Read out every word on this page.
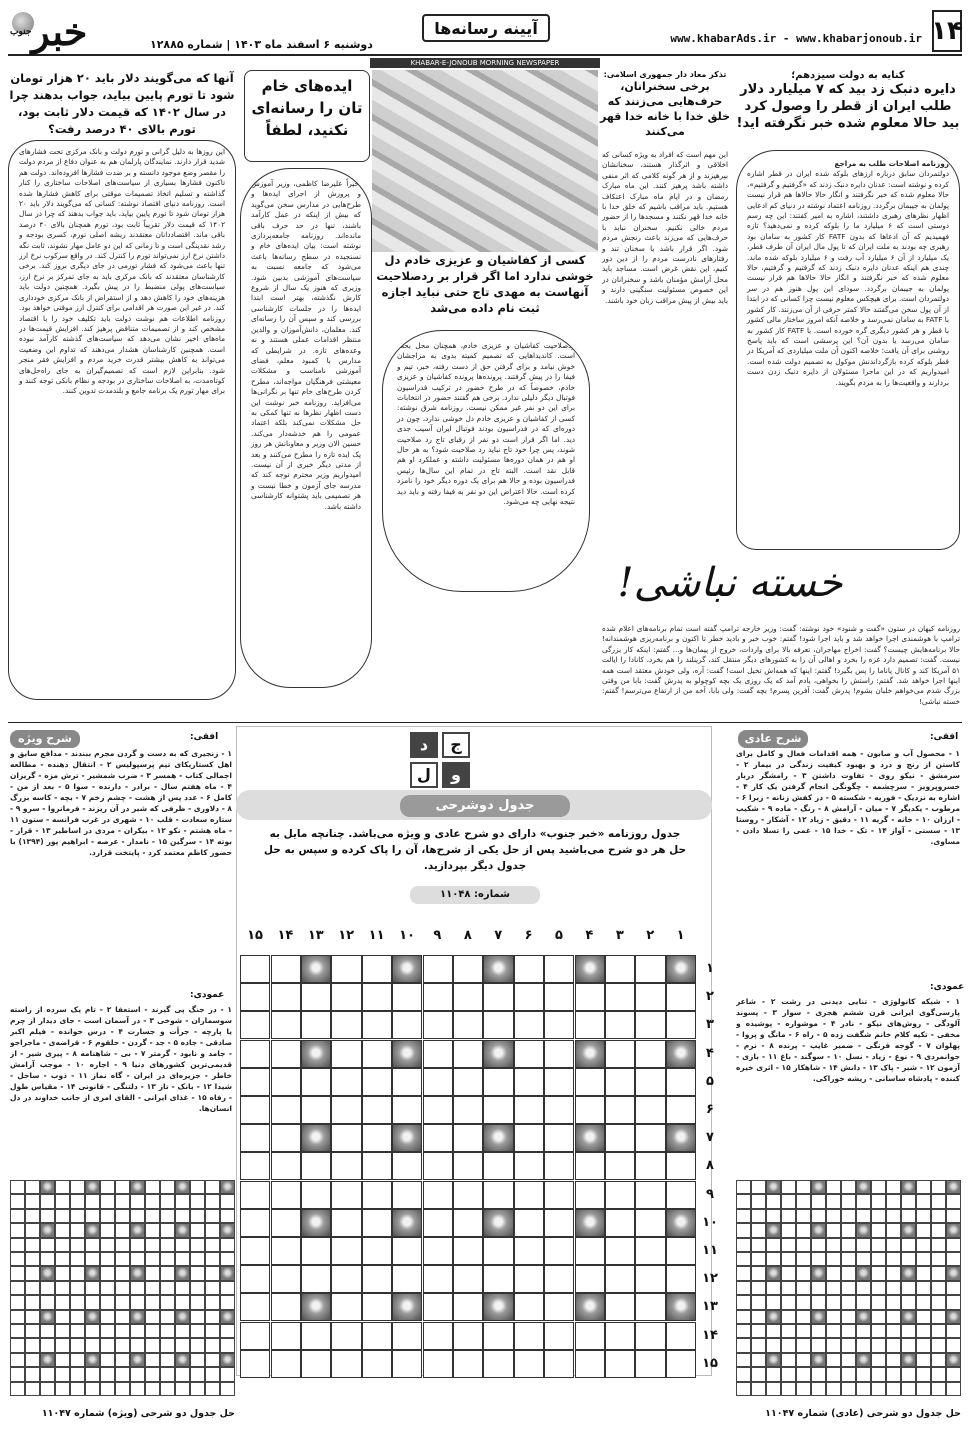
۱۴
www.khabarAds.ir - www.khabarjonoub.ir
آیینه رسانه‌ها
دوشنبه ۶ اسفند ماه ۱۴۰۳ | شماره ۱۲۸۸۵
KHABAR-E-JONOUB MORNING NEWSPAPER
خبر$^{جنوب}$
کنایه به دولت سیزدهم؛
دایره دنبک زد بید که ۷ میلیارد دلار طلب ایران از قطر را وصول کرد بید حالا معلوم شده خبر نگرفته اید!
روزنامه اصلاحات طلب به مراجع
دولتمردان سابق درباره ارزهای بلوکه شده ایران در قطر اشاره کرده و نوشته است: عدنان دایره دنبک زدند که «گرفتیم و گرفتیم»، حالا معلوم شده که خبر نگرفتند و انگار حالا حالاها هم قرار نیست پولمان به جیبمان برگردد. روزنامه اعتماد نوشته در دنیای کم ادعایی اظهار نظرهای رهبری داشتند، اشاره به امیر کفتند: این چه رسم دوستی است که ۶ میلیارد ما را بلوکه کرده و نمی‌دهید؟ تازه فهمیدیم که آن ادعاها که بدون FATF کار کشور به سامان بود رهبری چه بودند به ملت ایران که تا پول مال ایران آن طرف قطر، یک میلیارد از آن ۶ میلیارد آب رفت و ۶ میلیارد بلوکه شده ماند. چندی هم اینکه عدنان دایره دنبک زدند که گرفتیم و گرفتیم، حالا معلوم شده که خبر نگرفتند و انگار حالا حالاها هم قرار نیست پولمان به جیبمان برگردد. سودای این پول هنوز هم در سر دولتمردان است. برای هیچکس معلوم نیست چرا کسانی که در ابتدا از آن پول سخن می‌گفتند حالا کمتر حرفی از آن می‌زنند. کار کشور با FATF به سامان نمی‌رسد و خلاصه آنکه امروز ساختار مالی کشور با قطر و هر کشور دیگری گره خورده است. با FATF کار کشور به سامان می‌رسد یا بدون آن؟ این پرسشی است که باید پاسخ روشنی برای آن یافت؛ خلاصه اکنون آن ملت میلیاردی که آمریکا در قطر بلوکه کرده بازگرداندنش موکول به تصمیم دولت شده است. امیدواریم که در این ماجرا مسئولان از دایره دنبک زدن دست بردارند و واقعیت‌ها را به مردم بگویند.
تذکر معاد دار جمهوری اسلامی:
برخی سخنرانان، حرف‌هایی می‌زنند که خلق خدا با خانه خدا قهر می‌کنند
این مهم است که افراد به ویژه کسانی که اخلاقی و اثرگذار هستند، سخنانشان بپرهیزند و از هر گونه کلامی که اثر منفی داشته باشد پرهیز کنند. این ماه مبارک رمضان و در ایام ماه مبارک اعتکاف هستیم. باید مراقب باشیم که خلق خدا با خانه خدا قهر نکنند و مسجدها را از حضور مردم خالی نکنیم. سخنران نباید با حرف‌هایی که می‌زند باعث رنجش مردم شود. اگر قرار باشد با سخنان تند و رفتارهای نادرست مردم را از دین دور کنیم، این نقض غرض است. مساجد باید محل آرامش مؤمنان باشد و سخنرانان در این خصوص مسئولیت سنگینی دارند و باید بیش از پیش مراقب زبان خود باشند.
کسی از کفاشیان و عزیزی خادم دل خوشی ندارد اما اگر قرار بر ردصلاحیت آنهاست به مهدی تاج حتی نباید اجازه ثبت نام داده می‌شد
ردصلاحیت کفاشیان و عزیزی خادم، همچنان محل بحث است. کاندیداهایی که تصمیم کمیته بدوی به مزاجشان خوش نیامد و برای گرفتن حق از دست رفته، خبر، تیم و فیفا را در پیش گرفتند. پرونده‌ها پرونده کفاشیان و عزیزی خادم، خصوصاً که در طرح حضور در ترکیب فدراسیون فوتبال دیگر دلیلی ندارد. برخی هم گفتند حضور در انتخابات برای این دو نفر غیر ممکن نیست. روزنامه شرق نوشته: کسی از کفاشیان و عزیزی خادم دل خوشی ندارد، چون در دوره‌ای که در فدراسیون بودند فوتبال ایران آسیب جدی دید. اما اگر قرار است دو نفر از رقبای تاج رد صلاحیت شوند، پس چرا خود تاج نباید رد صلاحیت شود؟ به هر حال او هم در همان دوره‌ها مسئولیت داشته و عملکرد او هم قابل نقد است. البته تاج در تمام این سال‌ها رئیس فدراسیون بوده و حالا هم برای یک دوره دیگر خود را نامزد کرده است. حالا اعتراض این دو نفر به فیفا رفته و باید دید نتیجه نهایی چه می‌شود.
ایده‌های خام تان را رسانه‌ای نکنید، لطفاً
اخیراً علیرضا کاظمی، وزیر آموزش و پرورش از اجرای ایده‌ها و طرح‌هایی در مدارس سخن می‌گوید که بیش از اینکه در عمل کارآمد باشند، تنها در حد حرف باقی مانده‌اند. روزنامه جامعه‌پردازی نوشته است: بیان ایده‌های خام و نسنجیده در سطح رسانه‌ها باعث می‌شود که جامعه نسبت به سیاست‌های آموزشی بدبین شود. وزیری که هنوز یک سال از شروع کارش نگذشته، بهتر است ابتدا ایده‌ها را در جلسات کارشناسی بررسی کند و سپس آن را رسانه‌ای کند. معلمان، دانش‌آموزان و والدین منتظر اقدامات عملی هستند و نه وعده‌های تازه. در شرایطی که مدارس با کمبود معلم، فضای آموزشی نامناسب و مشکلات معیشتی فرهنگیان مواجه‌اند، مطرح کردن طرح‌های خام تنها بر نگرانی‌ها می‌افزاید. روزنامه خبر نوشت این دست اظهار نظرها نه تنها کمکی به حل مشکلات نمی‌کند بلکه اعتماد عمومی را هم خدشه‌دار می‌کند. حسین الان وزیر و معاونانش هر روز یک ایده تازه را مطرح می‌کنند و بعد از مدتی دیگر خبری از آن نیست. امیدواریم وزیر محترم توجه کند که مدرسه جای آزمون و خطا نیست و هر تصمیمی باید پشتوانه کارشناسی داشته باشد.
آنها که می‌گویند دلار باید ۲۰ هزار تومان شود تا تورم پایین بیاید، جواب بدهند چرا در سال ۱۴۰۲ که قیمت دلار ثابت بود، تورم بالای ۴۰ درصد رفت؟
این روزها به دلیل گرانی و تورم دولت و بانک مرکزی تحت فشارهای شدید قرار دارند. نمایندگان پارلمان هم به عنوان دفاع از مردم دولت را مقصر وضع موجود دانسته و بر ضدت فشارها افزوده‌اند. دولت هم تاکنون فشارها بسیاری از سیاست‌های اصلاحات ساختاری را کنار گذاشته و تسلیم اتخاذ تصمیمات موقتی برای کاهش فشارها شده است. روزنامه دنیای اقتصاد نوشته: کسانی که می‌گویند دلار باید ۲۰ هزار تومان شود تا تورم پایین بیاید، باید جواب بدهند که چرا در سال ۱۴۰۲ که قیمت دلار تقریباً ثابت بود، تورم همچنان بالای ۴۰ درصد باقی ماند. اقتصاددانان معتقدند ریشه اصلی تورم، کسری بودجه و رشد نقدینگی است و تا زمانی که این دو عامل مهار نشوند، ثابت نگه داشتن نرخ ارز نمی‌تواند تورم را کنترل کند. در واقع سرکوب نرخ ارز تنها باعث می‌شود که فشار تورمی در جای دیگری بروز کند. برخی کارشناسان معتقدند که بانک مرکزی باید به جای تمرکز بر نرخ ارز، سیاست‌های پولی منضبط را در پیش بگیرد. همچنین دولت باید هزینه‌های خود را کاهش دهد و از استقراض از بانک مرکزی خودداری کند. در غیر این صورت هر اقدامی برای کنترل ارز موقتی خواهد بود. روزنامه اطلاعات هم نوشت دولت باید تکلیف خود را با اقتصاد مشخص کند و از تصمیمات متناقض پرهیز کند. افزایش قیمت‌ها در ماه‌های اخیر نشان می‌دهد که سیاست‌های گذشته کارآمد نبوده است. همچنین کارشناسان هشدار می‌دهند که تداوم این وضعیت می‌تواند به کاهش بیشتر قدرت خرید مردم و افزایش فقر منجر شود. بنابراین لازم است که تصمیم‌گیران به جای راه‌حل‌های کوتاه‌مدت، به اصلاحات ساختاری در بودجه و نظام بانکی توجه کنند و برای مهار تورم یک برنامه جامع و بلندمدت تدوین کنند.
خسته نباشی!
روزنامه کیهان در ستون «گفت و شنود» خود نوشته: گفت: وزیر خارجه ترامپ گفته است تمام برنامه‌های اعلام شده ترامپ با هوشمندی اجرا خواهد شد و باید اجرا شود! گفتم: خوب خبر و بادید خطر تا اکنون و برنامه‌ریزی هوشمندانه! حالا برنامه‌هایش چیست؟ گفت: اخراج مهاجران، تعرفه بالا برای واردات، خروج از پیمان‌ها و... گفتم: اینکه کار بزرگی نیست. گفت: تصمیم دارد غزه را بخرد و اهالی آن را به کشورهای دیگر منتقل کند، گرینلند را هم بخرد، کانادا را ایالت ۵۱ آمریکا کند و کانال پاناما را پس بگیرد! گفتم: اینها که همه‌اش تخیل است! گفت: آره، ولی خودش معتقد است همه اینها اجرا خواهد شد. گفتم: راستش را بخواهی، یادم آمد که یک روزی یک بچه کوچولو به پدرش گفت: بابا من وقتی بزرگ شدم می‌خواهم خلبان بشوم! پدرش گفت: آفرین پسرم! بچه گفت: ولی بابا، آخه من از ارتفاع می‌ترسم! گفتم: خسته نباشی!
د	ج
ل	و
جدول دوشرحی
جدول روزنامه «خبر جنوب» دارای دو شرح عادی و ویژه می‌باشد. چنانچه مایل به حل هر دو شرح می‌باشید پس از حل یکی از شرح‌ها، آن را پاک کرده و سپس به حل جدول دیگر بپردازید.
شماره: ۱۱۰۴۸
۱
۲
۳
۴
۵
۶
۷
۸
۹
۱۰
۱۱
۱۲
۱۳
۱۴
۱۵
۱
۲
۳
۴
۵
۶
۷
۸
۹
۱۰
۱۱
۱۲
۱۳
۱۴
۱۵
شرح ویژه	افقی:
۱ - زنجیری که به دست و گردن مجرم ببندند - مدافع سابق و اهل کستاریکای تیم پرسپولیس ۲ - انتقال دهنده - مطالعه اجمالی کتاب - همسر ۳ - ضرب شمشیر - ترش مزه - گریزان ۴ - ماه هفتم سال - برادر - دارنده - سوا ۵ - بعد از من - کامل ۶ - عدد پس از هشت - چشم زخم ۷ - بچه - کاسه بزرگ ۸ - دلاوری - ظرفی که شیر در آن ریزند - فرمانروا - سرو ۹ - ستاره سعادت - قلب ۱۰ - شهری در غرب فرانسه - ستون ۱۱ - ماه هشتم - نکو ۱۲ - بیکران - مردی در اساطیر ۱۳ - قرار - بوته ۱۴ - سرگین ۱۵ - نامدار - عرصه - ابراهیم پور (۱۳۹۴) با حضور کاظم معتمد کرد - پایتخت قرارد.
عمودی:
۱ - در جنگ پی گیرند - استعفا ۲ - تام یک سرده از راسته سوسماران - شوخی ۳ - در آسمان است - جای دیدار از چرم یا پارچه - جرأت و جسارت ۴ - درس خوانده - فیلم اکبر صادقی - جاده ۵ - جد - گردن - حلقوم ۶ - قراضه‌ی - ماجراجو - جامد و نابود - گرمتر ۷ - بی - شاهنامه ۸ - پیری شیر - از قدیمی‌ترین کشورهای دنیا ۹ - اجاره ۱۰ - موجب آرامش خاطر - جزیره‌ای در ایران - گاه نماز ۱۱ - ذوب - ساحل - شیدا ۱۲ - بانک - تاز ۱۳ - دلتنگی - قانونی ۱۴ - مقیاس طول - رفاه ۱۵ - غذای ایرانی - القای امری از جانب خداوند در دل انسان‌ها.
شرح عادی	افقی:
۱ - محصول آب و صابون - همه اقدامات فعال و کامل برای کاستن از رنج و درد و بهبود کیفیت زندگی در بیمار ۲ - سرمشق - نیکو روی - تفاوت داشتن ۳ - رامشگر دربار خسروپرویز - سرچشمه - چگونگی انجام گرفتن یک کار ۴ - اشاره به نزدیک - فوریه - شکسته ۵ - در کفش زنانه - زیرا ۶ - مرطوب - یکدیگر ۷ - میان - آرامش ۸ - رنگ - ماده ۹ - شکیب - ارزان ۱۰ - خانه - گریه ۱۱ - دقیق - زیاد ۱۲ - آشکار - روستا ۱۳ - سستی - آواز ۱۴ - تک - خدا ۱۵ - غمی را تسلا دادن - مساوی.
عمودی:
۱ - شیکه کانولوژی - تنایی دیدنی در رشت ۲ - شاعر پارسی‌گوی ایرانی قرن ششم هجری - سوار ۳ - پسوند آلودگی - روش‌های نیکو - نادر ۴ - موشواره - پوشیده و مخفی - تکیه کلام خانم شگفت زده ۵ - راه ۶ - مانگ و پروا - پهلوان ۷ - گوجه فرنگی - ضمیر غایب - پرنده ۸ - نرم - جوانمردی ۹ - نوع - زیاد - نسل ۱۰ - سوگند - باغ ۱۱ - بازی - آزمون ۱۲ - شیر - پاک ۱۳ - دانش ۱۴ - شاهکار ۱۵ - اثری خیره کننده - پادشاه ساسانی - ریشه خوراکی.
حل جدول دو شرحی (ویژه) شماره ۱۱۰۴۷	حل جدول دو شرحی (عادی) شماره ۱۱۰۴۷
